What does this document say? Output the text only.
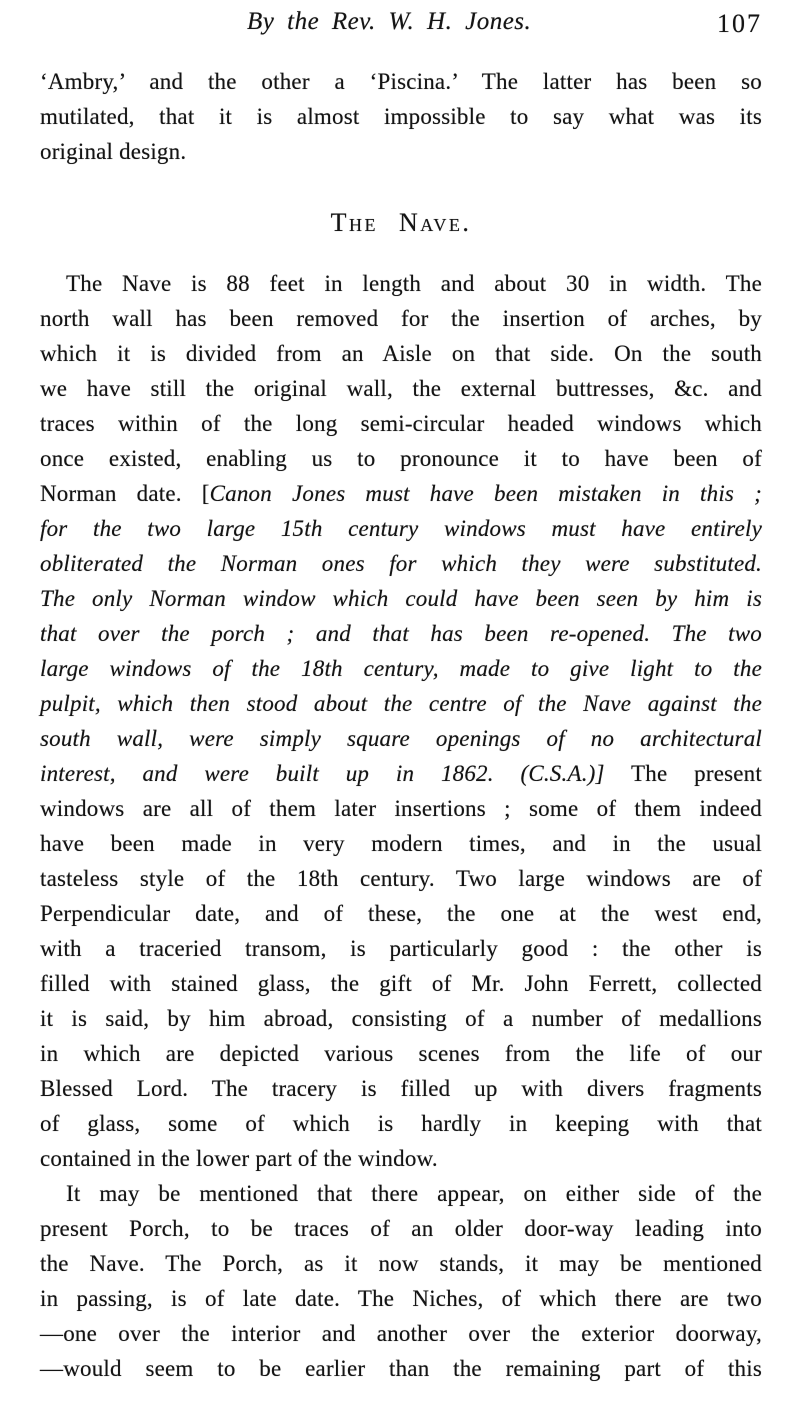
By the Rev. W. H. Jones.	107
‘Ambry,’ and the other a ‘Piscina.’ The latter has been so
mutilated, that it is almost impossible to say what was its
original design.
The Nave.
The Nave is 88 feet in length and about 30 in width. The
north wall has been removed for the insertion of arches, by
which it is divided from an Aisle on that side. On the south
we have still the original wall, the external buttresses, &c. and
traces within of the long semi-circular headed windows which
once existed, enabling us to pronounce it to have been of
Norman date. [Canon Jones must have been mistaken in this ;
for the two large 15th century windows must have entirely
obliterated the Norman ones for which they were substituted.
The only Norman window which could have been seen by him is
that over the porch ; and that has been re-opened. The two
large windows of the 18th century, made to give light to the
pulpit, which then stood about the centre of the Nave against the
south wall, were simply square openings of no architectural
interest, and were built up in 1862. (C.S.A.)] The present
windows are all of them later insertions ; some of them indeed
have been made in very modern times, and in the usual
tasteless style of the 18th century. Two large windows are of
Perpendicular date, and of these, the one at the west end,
with a traceried transom, is particularly good : the other is
filled with stained glass, the gift of Mr. John Ferrett, collected
it is said, by him abroad, consisting of a number of medallions
in which are depicted various scenes from the life of our
Blessed Lord. The tracery is filled up with divers fragments
of glass, some of which is hardly in keeping with that
contained in the lower part of the window.
It may be mentioned that there appear, on either side of the
present Porch, to be traces of an older door-way leading into
the Nave. The Porch, as it now stands, it may be mentioned
in passing, is of late date. The Niches, of which there are two
—one over the interior and another over the exterior doorway,
—would seem to be earlier than the remaining part of this
